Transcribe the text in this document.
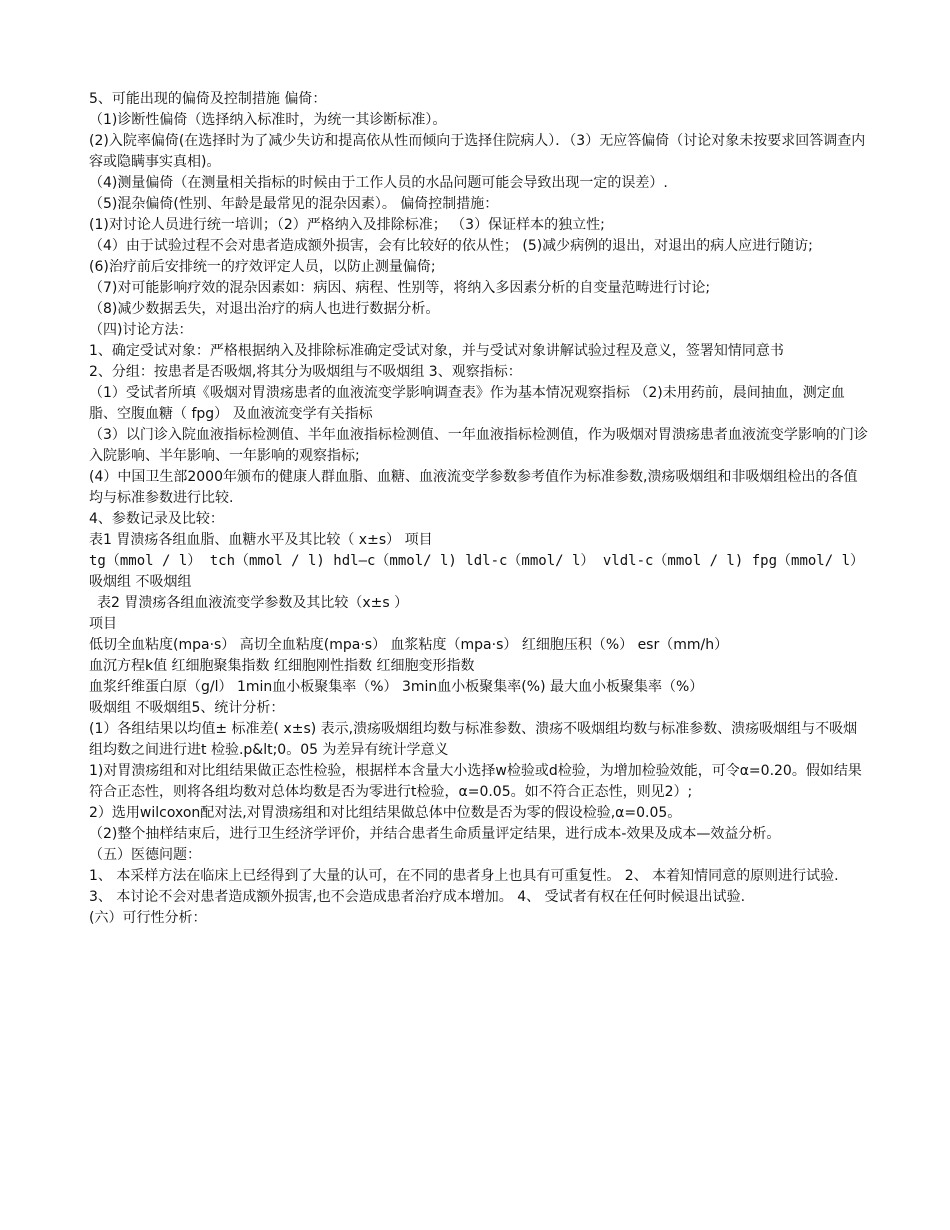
5、可能出现的偏倚及控制措施 偏倚：

（1)诊断性偏倚（选择纳入标准时，为统一其诊断标准）。

(2)入院率偏倚(在选择时为了减少失访和提高依从性而倾向于选择住院病人）．（3）无应答偏倚（讨论对象未按要求回答调查内容或隐瞒事实真相)。

（4)测量偏倚（在测量相关指标的时候由于工作人员的水品问题可能会导致出现一定的误差）.

（5)混杂偏倚(性别、年龄是最常见的混杂因素）。 偏倚控制措施：

(1)对讨论人员进行统一培训；（2）严格纳入及排除标准； （3）保证样本的独立性;

（4）由于试验过程不会对患者造成额外损害，会有比较好的依从性； (5)减少病例的退出，对退出的病人应进行随访;

(6)治疗前后安排统一的疗效评定人员，以防止测量偏倚;

（7)对可能影响疗效的混杂因素如：病因、病程、性别等，将纳入多因素分析的自变量范畴进行讨论;

（8)减少数据丢失，对退出治疗的病人也进行数据分析。

（四)讨论方法：

1、确定受试对象：严格根据纳入及排除标准确定受试对象，并与受试对象讲解试验过程及意义，签署知情同意书

2、分组：按患者是否吸烟,将其分为吸烟组与不吸烟组 3、观察指标：

（1）受试者所填《吸烟对胃溃疡患者的血液流变学影响调查表》作为基本情况观察指标 （2)未用药前，晨间抽血，测定血脂、空腹血糖（ fpg） 及血液流变学有关指标

（3）以门诊入院血液指标检测值、半年血液指标检测值、一年血液指标检测值，作为吸烟对胃溃疡患者血液流变学影响的门诊入院影响、半年影响、一年影响的观察指标;

(4）中国卫生部2000年颁布的健康人群血脂、血糖、血液流变学参数参考值作为标准参数,溃疡吸烟组和非吸烟组检出的各值均与标准参数进行比较.

4、参数记录及比较：

表1 胃溃疡各组血脂、血糖水平及其比较（ x±s） 项目

tg（mmol / l） tch（mmol / l) hdl—c（mmol/ l) ldl-c（mmol/ l） vldl-c（mmol / l) fpg（mmol/ l）

吸烟组 不吸烟组

表2 胃溃疡各组血液流变学参数及其比较（x±s ）

项目

低切全血粘度(mpa·s） 高切全血粘度(mpa·s） 血浆粘度（mpa·s） 红细胞压积（%） esr（mm/h）

血沉方程k值 红细胞聚集指数 红细胞刚性指数 红细胞变形指数

血浆纤维蛋白原（g/l） 1min血小板聚集率（%） 3min血小板聚集率(%) 最大血小板聚集率（%）

吸烟组 不吸烟组5、统计分析：

(1）各组结果以均值± 标准差( x±s) 表示,溃疡吸烟组均数与标准参数、溃疡不吸烟组均数与标准参数、溃疡吸烟组与不吸烟组均数之间进行进t 检验.p&lt;0。05 为差异有统计学意义

1)对胃溃疡组和对比组结果做正态性检验，根据样本含量大小选择w检验或d检验，为增加检验效能，可令α=0.20。假如结果符合正态性，则将各组均数对总体均数是否为零进行t检验，α=0.05。如不符合正态性，则见2）;

2）选用wilcoxon配对法,对胃溃疡组和对比组结果做总体中位数是否为零的假设检验,α=0.05。

（2)整个抽样结束后，进行卫生经济学评价，并结合患者生命质量评定结果，进行成本-效果及成本—效益分析。

（五）医德问题：

1、 本采样方法在临床上已经得到了大量的认可，在不同的患者身上也具有可重复性。 2、 本着知情同意的原则进行试验.

3、 本讨论不会对患者造成额外损害,也不会造成患者治疗成本增加。 4、 受试者有权在任何时候退出试验.

(六）可行性分析：
